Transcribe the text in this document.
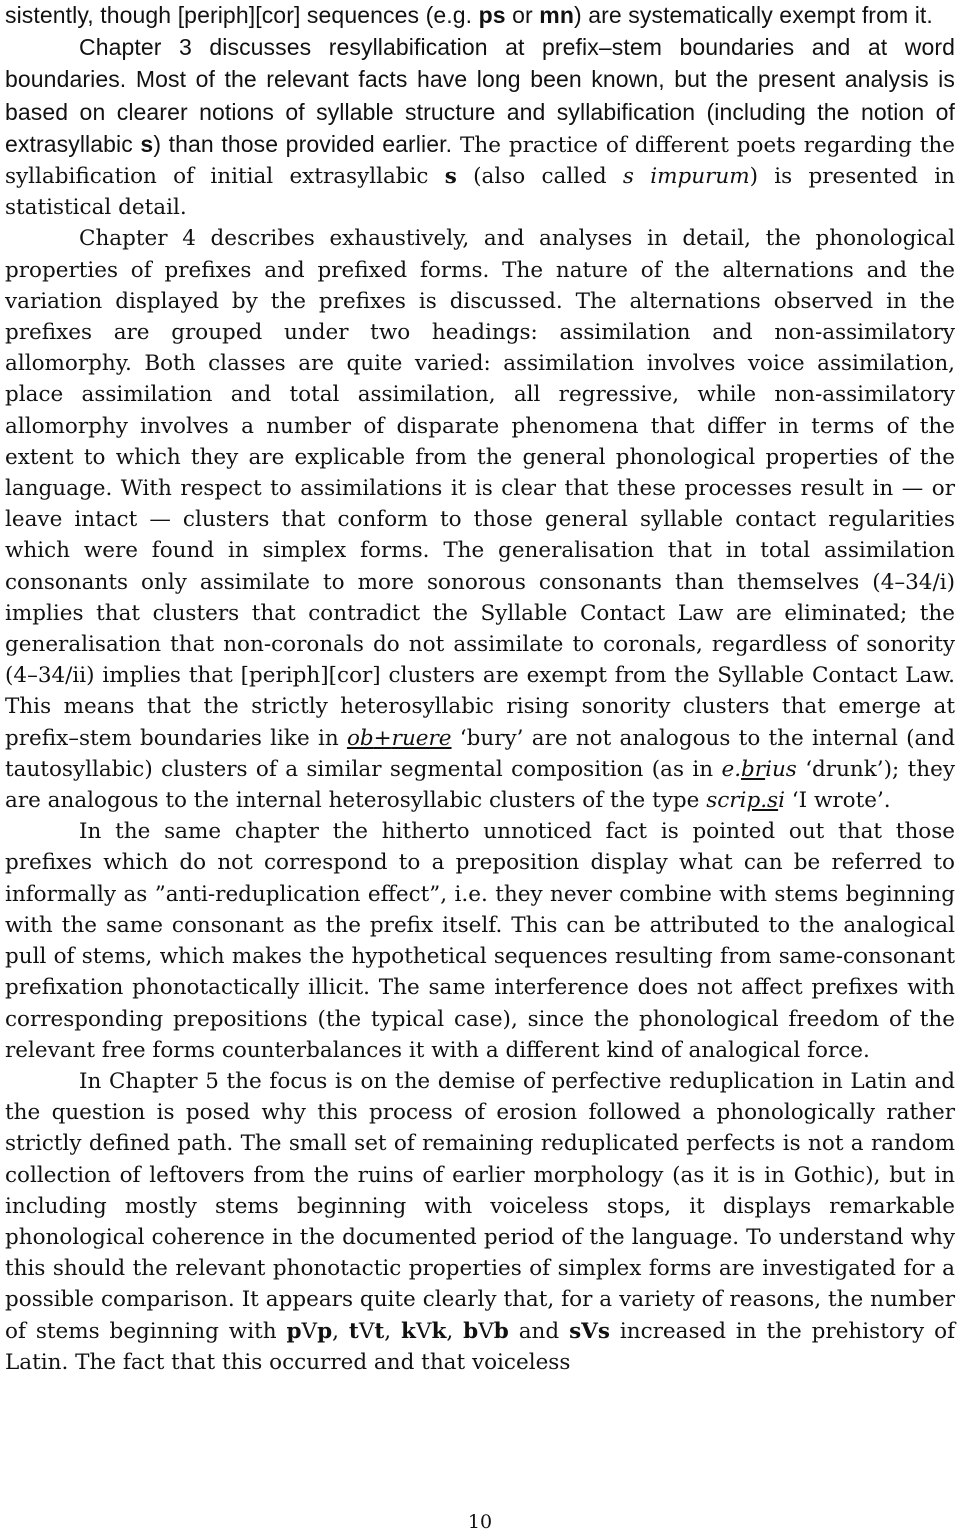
sistently, though [periph][cor] sequences (e.g. ps or mn) are systematically exempt from it.

Chapter 3 discusses resyllabification at prefix–stem boundaries and at word boundaries. Most of the relevant facts have long been known, but the present analysis is based on clearer notions of syllable structure and syllabification (including the notion of extrasyllabic s) than those provided earlier. The practice of different poets regarding the syllabification of initial extrasyllabic s (also called s impurum) is presented in statistical detail.

Chapter 4 describes exhaustively, and analyses in detail, the phonological properties of prefixes and prefixed forms. The nature of the alternations and the variation displayed by the prefixes is discussed. The alternations observed in the prefixes are grouped under two headings: assimilation and non-assimilatory allomorphy. Both classes are quite varied: assimilation involves voice assimilation, place assimilation and total assimilation, all regressive, while non-assimilatory allomorphy involves a number of disparate phenomena that differ in terms of the extent to which they are explicable from the general phonological properties of the language. With respect to assimilations it is clear that these processes result in — or leave intact — clusters that conform to those general syllable contact regularities which were found in simplex forms. The generalisation that in total assimilation consonants only assimilate to more sonorous consonants than themselves (4–34/i) implies that clusters that contradict the Syllable Contact Law are eliminated; the generalisation that non-coronals do not assimilate to coronals, regardless of sonority (4–34/ii) implies that [periph][cor] clusters are exempt from the Syllable Contact Law. This means that the strictly heterosyllabic rising sonority clusters that emerge at prefix–stem boundaries like in ob+ruere ‘bury’ are not analogous to the internal (and tautosyllabic) clusters of a similar segmental composition (as in e.brius ‘drunk’); they are analogous to the internal heterosyllabic clusters of the type scrip.si ‘I wrote’.

In the same chapter the hitherto unnoticed fact is pointed out that those prefixes which do not correspond to a preposition display what can be referred to informally as ”anti-reduplication effect”, i.e. they never combine with stems beginning with the same consonant as the prefix itself. This can be attributed to the analogical pull of stems, which makes the hypothetical sequences resulting from same-consonant prefixation phonotactically illicit. The same interference does not affect prefixes with corresponding prepositions (the typical case), since the phonological freedom of the relevant free forms counterbalances it with a different kind of analogical force.

In Chapter 5 the focus is on the demise of perfective reduplication in Latin and the question is posed why this process of erosion followed a phonologically rather strictly defined path. The small set of remaining reduplicated perfects is not a random collection of leftovers from the ruins of earlier morphology (as it is in Gothic), but in including mostly stems beginning with voiceless stops, it displays remarkable phonological coherence in the documented period of the language. To understand why this should the relevant phonotactic properties of simplex forms are investigated for a possible comparison. It appears quite clearly that, for a variety of reasons, the number of stems beginning with pVp, tVt, kVk, bVb and sVs increased in the prehistory of Latin. The fact that this occurred and that voiceless

10
